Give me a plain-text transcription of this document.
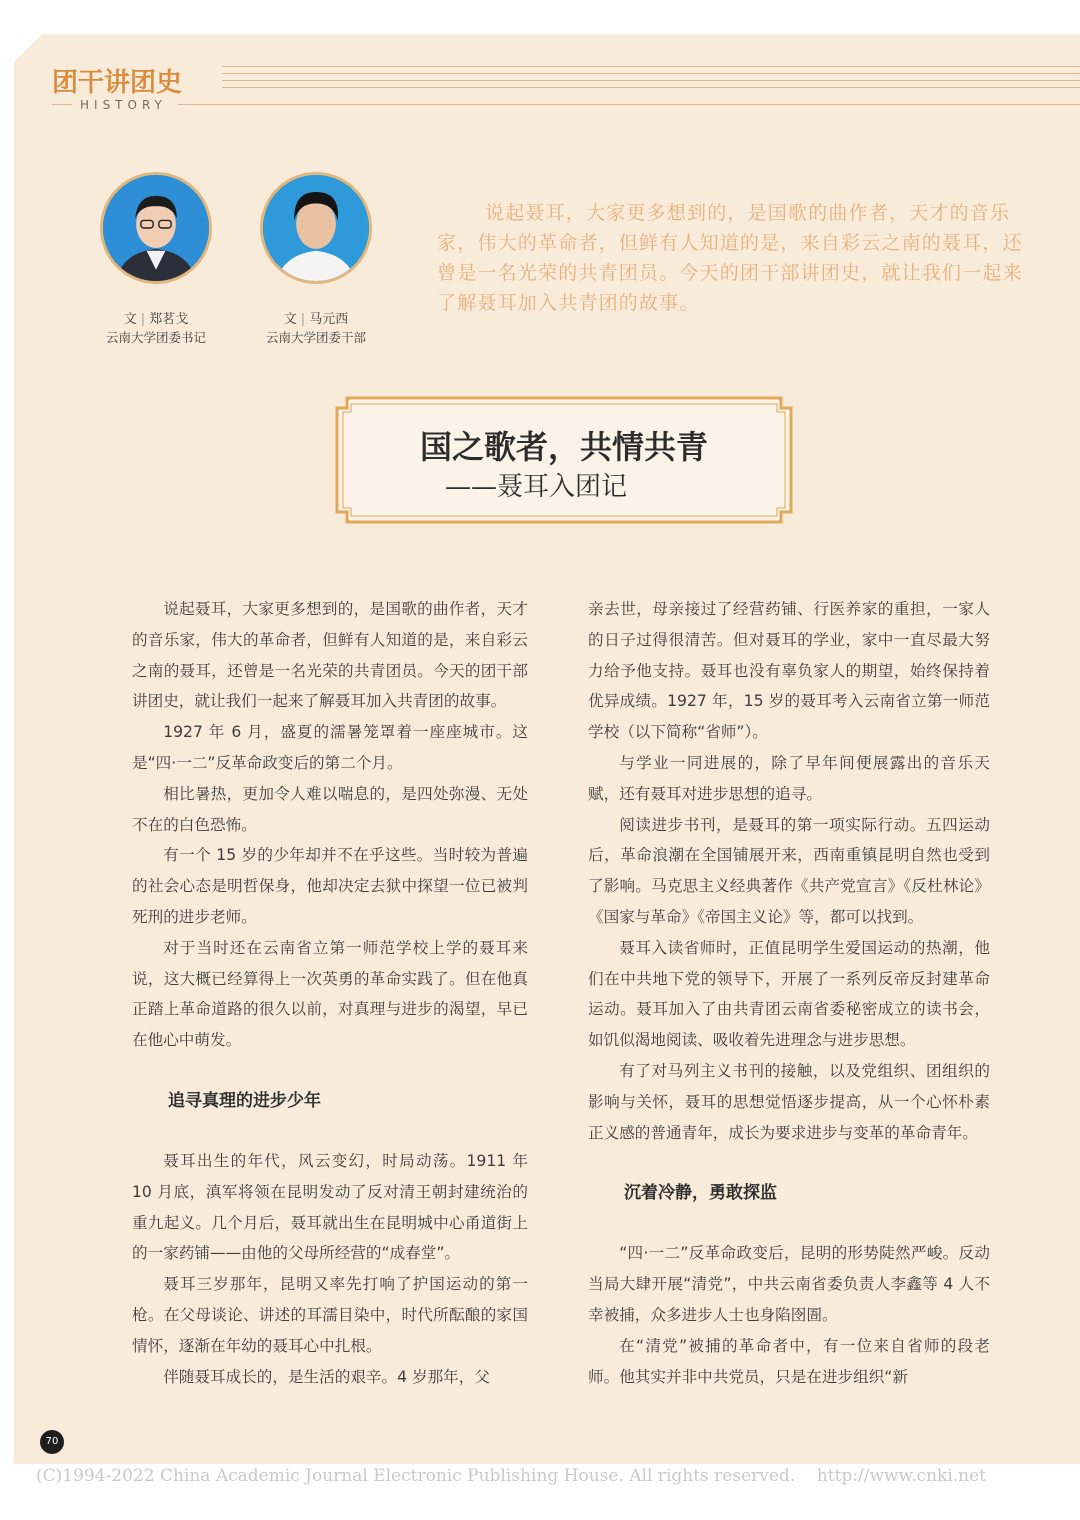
团干讲团史
HISTORY
文 | 郑茗戈
云南大学团委书记
文 | 马元西
云南大学团委干部
说起聂耳，大家更多想到的，是国歌的曲作者，天才的音乐家，伟大的革命者，但鲜有人知道的是，来自彩云之南的聂耳，还曾是一名光荣的共青团员。今天的团干部讲团史，就让我们一起来了解聂耳加入共青团的故事。
国之歌者，共情共青
——聂耳入团记

说起聂耳，大家更多想到的，是国歌的曲作者，天才的音乐家，伟大的革命者，但鲜有人知道的是，来自彩云之南的聂耳，还曾是一名光荣的共青团员。今天的团干部讲团史，就让我们一起来了解聂耳加入共青团的故事。

1927 年 6 月，盛夏的濡暑笼罩着一座座城市。这是“四·一二”反革命政变后的第二个月。

相比暑热，更加令人难以喘息的，是四处弥漫、无处不在的白色恐怖。

有一个 15 岁的少年却并不在乎这些。当时较为普遍的社会心态是明哲保身，他却决定去狱中探望一位已被判死刑的进步老师。

对于当时还在云南省立第一师范学校上学的聂耳来说，这大概已经算得上一次英勇的革命实践了。但在他真正踏上革命道路的很久以前，对真理与进步的渴望，早已在他心中萌发。

追寻真理的进步少年

聂耳出生的年代，风云变幻，时局动荡。1911 年 10 月底，滇军将领在昆明发动了反对清王朝封建统治的重九起义。几个月后，聂耳就出生在昆明城中心甬道街上的一家药铺——由他的父母所经营的“成春堂”。

聂耳三岁那年，昆明又率先打响了护国运动的第一枪。在父母谈论、讲述的耳濡目染中，时代所酝酿的家国情怀，逐渐在年幼的聂耳心中扎根。

伴随聂耳成长的，是生活的艰辛。4 岁那年，父

亲去世，母亲接过了经营药铺、行医养家的重担，一家人的日子过得很清苦。但对聂耳的学业，家中一直尽最大努力给予他支持。聂耳也没有辜负家人的期望，始终保持着优异成绩。1927 年，15 岁的聂耳考入云南省立第一师范学校（以下简称“省师”）。

与学业一同进展的，除了早年间便展露出的音乐天赋，还有聂耳对进步思想的追寻。

阅读进步书刊，是聂耳的第一项实际行动。五四运动后，革命浪潮在全国铺展开来，西南重镇昆明自然也受到了影响。马克思主义经典著作《共产党宣言》《反杜林论》《国家与革命》《帝国主义论》等，都可以找到。

聂耳入读省师时，正值昆明学生爱国运动的热潮，他们在中共地下党的领导下，开展了一系列反帝反封建革命运动。聂耳加入了由共青团云南省委秘密成立的读书会，如饥似渴地阅读、吸收着先进理念与进步思想。

有了对马列主义书刊的接触，以及党组织、团组织的影响与关怀，聂耳的思想觉悟逐步提高，从一个心怀朴素正义感的普通青年，成长为要求进步与变革的革命青年。

沉着冷静，勇敢探监

“四·一二”反革命政变后，昆明的形势陡然严峻。反动当局大肆开展“清党”，中共云南省委负责人李鑫等 4 人不幸被捕，众多进步人士也身陷囹圄。

在“清党”被捕的革命者中，有一位来自省师的段老师。他其实并非中共党员，只是在进步组织“新

70
(C)1994-2022 China Academic Journal Electronic Publishing House. All rights reserved.    http://www.cnki.net
